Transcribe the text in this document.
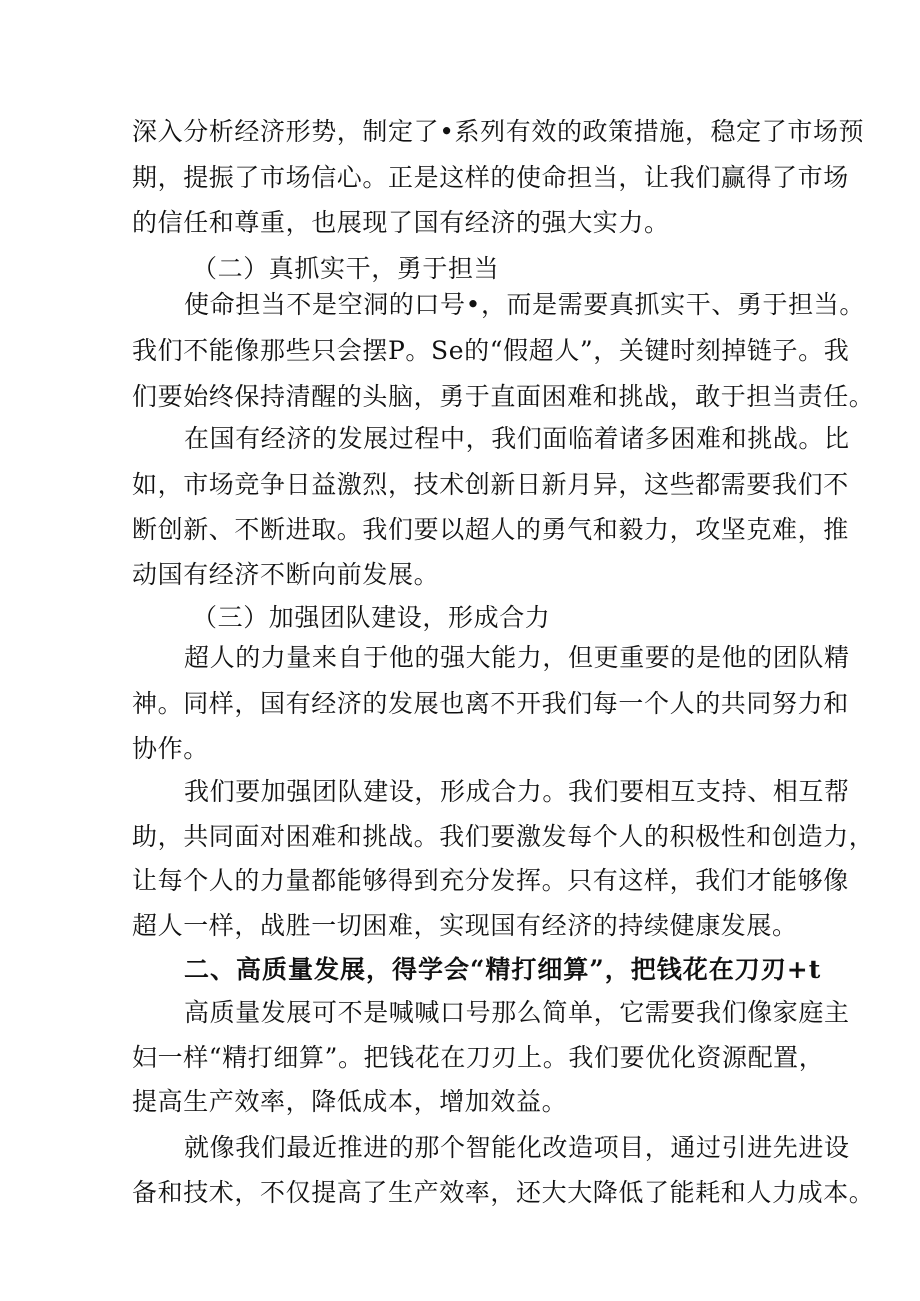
深入分析经济形势，制定了•系列有效的政策措施，稳定了市场预

期，提振了市场信心。正是这样的使命担当，让我们赢得了市场

的信任和尊重，也展现了国有经济的强大实力。

（二）真抓实干，勇于担当

使命担当不是空洞的口号•，而是需要真抓实干、勇于担当。

我们不能像那些只会摆P。Se的“假超人”，关键时刻掉链子。我

们要始终保持清醒的头脑，勇于直面困难和挑战，敢于担当责任。

在国有经济的发展过程中，我们面临着诸多困难和挑战。比

如，市场竞争日益激烈，技术创新日新月异，这些都需要我们不

断创新、不断进取。我们要以超人的勇气和毅力，攻坚克难，推

动国有经济不断向前发展。

（三）加强团队建设，形成合力

超人的力量来自于他的强大能力，但更重要的是他的团队精

神。同样，国有经济的发展也离不开我们每一个人的共同努力和

协作。

我们要加强团队建设，形成合力。我们要相互支持、相互帮

助，共同面对困难和挑战。我们要激发每个人的积极性和创造力，

让每个人的力量都能够得到充分发挥。只有这样，我们才能够像

超人一样，战胜一切困难，实现国有经济的持续健康发展。

二、高质量发展，得学会“精打细算”，把钱花在刀刃+t

高质量发展可不是喊喊口号那么简单，它需要我们像家庭主

妇一样“精打细算”。把钱花在刀刃上。我们要优化资源配置，

提高生产效率，降低成本，增加效益。

就像我们最近推进的那个智能化改造项目，通过引进先进设

备和技术，不仅提高了生产效率，还大大降低了能耗和人力成本。
